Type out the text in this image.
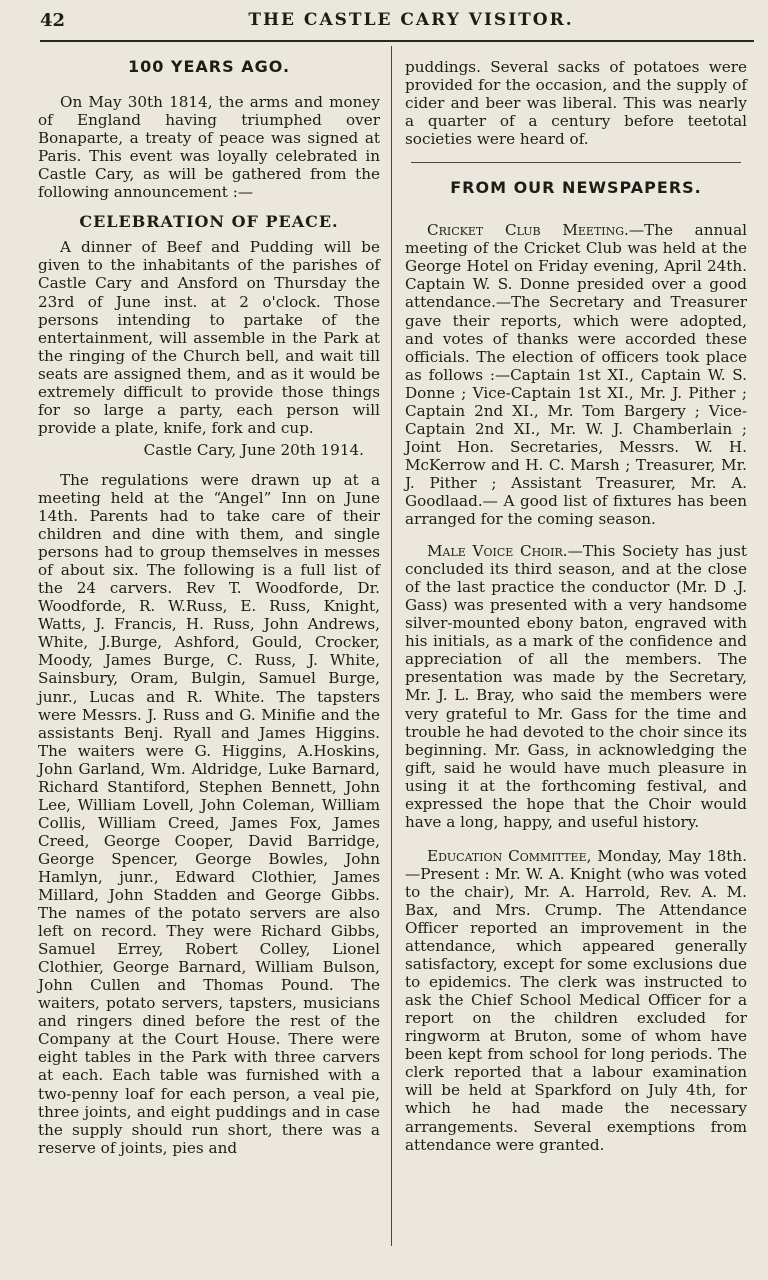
42	THE CASTLE CARY VISITOR.
100 YEARS AGO.

On May 30th 1814, the arms and money of England having triumphed over Bonaparte, a treaty of peace was signed at Paris. This event was loyally celebrated in Castle Cary, as will be gathered from the following announcement :—

CELEBRATION OF PEACE.

A dinner of Beef and Pudding will be given to the inhabitants of the parishes of Castle Cary and Ansford on Thursday the 23rd of June inst. at 2 o'clock. Those persons intending to partake of the entertainment, will assemble in the Park at the ringing of the Church bell, and wait till seats are assigned them, and as it would be extremely difficult to provide those things for so large a party, each person will provide a plate, knife, fork and cup.

Castle Cary, June 20th 1914.

The regulations were drawn up at a meeting held at the “Angel” Inn on June 14th. Parents had to take care of their children and dine with them, and single persons had to group themselves in messes of about six. The following is a full list of the 24 carvers. Rev T. Woodforde, Dr. Woodforde, R. W.Russ, E. Russ, Knight, Watts, J. Francis, H. Russ, John Andrews, White, J.Burge, Ashford, Gould, Crocker, Moody, James Burge, C. Russ, J. White, Sainsbury, Oram, Bulgin, Samuel Burge, junr., Lucas and R. White. The tapsters were Messrs. J. Russ and G. Minifie and the assistants Benj. Ryall and James Higgins. The waiters were G. Higgins, A.Hoskins, John Garland, Wm. Aldridge, Luke Barnard, Richard Stantiford, Stephen Bennett, John Lee, William Lovell, John Coleman, William Collis, William Creed, James Fox, James Creed, George Cooper, David Barridge, George Spencer, George Bowles, John Hamlyn, junr., Edward Clothier, James Millard, John Stadden and George Gibbs. The names of the potato servers are also left on record. They were Richard Gibbs, Samuel Errey, Robert Colley, Lionel Clothier, George Barnard, William Bulson, John Cullen and Thomas Pound. The waiters, potato servers, tapsters, musicians and ringers dined before the rest of the Company at the Court House. There were eight tables in the Park with three carvers at each. Each table was furnished with a two-penny loaf for each person, a veal pie, three joints, and eight puddings and in case the supply should run short, there was a reserve of joints, pies and

puddings. Several sacks of potatoes were provided for the occasion, and the supply of cider and beer was liberal. This was nearly a quarter of a century before teetotal societies were heard of.

FROM OUR NEWSPAPERS.

Cricket Club Meeting.—The annual meeting of the Cricket Club was held at the George Hotel on Friday evening, April 24th. Captain W. S. Donne presided over a good attendance.—The Secretary and Treasurer gave their reports, which were adopted, and votes of thanks were accorded these officials. The election of officers took place as follows :—Captain 1st XI., Captain W. S. Donne ; Vice-Captain 1st XI., Mr. J. Pither ; Captain 2nd XI., Mr. Tom Bargery ; Vice-Captain 2nd XI., Mr. W. J. Chamberlain ; Joint Hon. Secretaries, Messrs. W. H. McKerrow and H. C. Marsh ; Treasurer, Mr. J. Pither ; Assistant Treasurer, Mr. A. Goodlaad.— A good list of fixtures has been arranged for the coming season.

Male Voice Choir.—This Society has just concluded its third season, and at the close of the last practice the conductor (Mr. D .J. Gass) was presented with a very handsome silver-mounted ebony baton, engraved with his initials, as a mark of the confidence and appreciation of all the members. The presentation was made by the Secretary, Mr. J. L. Bray, who said the members were very grateful to Mr. Gass for the time and trouble he had devoted to the choir since its beginning. Mr. Gass, in acknowledging the gift, said he would have much pleasure in using it at the forthcoming festival, and expressed the hope that the Choir would have a long, happy, and useful history.

Education Committee, Monday, May 18th.—Present : Mr. W. A. Knight (who was voted to the chair), Mr. A. Harrold, Rev. A. M. Bax, and Mrs. Crump. The Attendance Officer reported an improvement in the attendance, which appeared generally satisfactory, except for some exclusions due to epidemics. The clerk was instructed to ask the Chief School Medical Officer for a report on the children excluded for ringworm at Bruton, some of whom have been kept from school for long periods. The clerk reported that a labour examination will be held at Sparkford on July 4th, for which he had made the necessary arrangements. Several exemptions from attendance were granted.
